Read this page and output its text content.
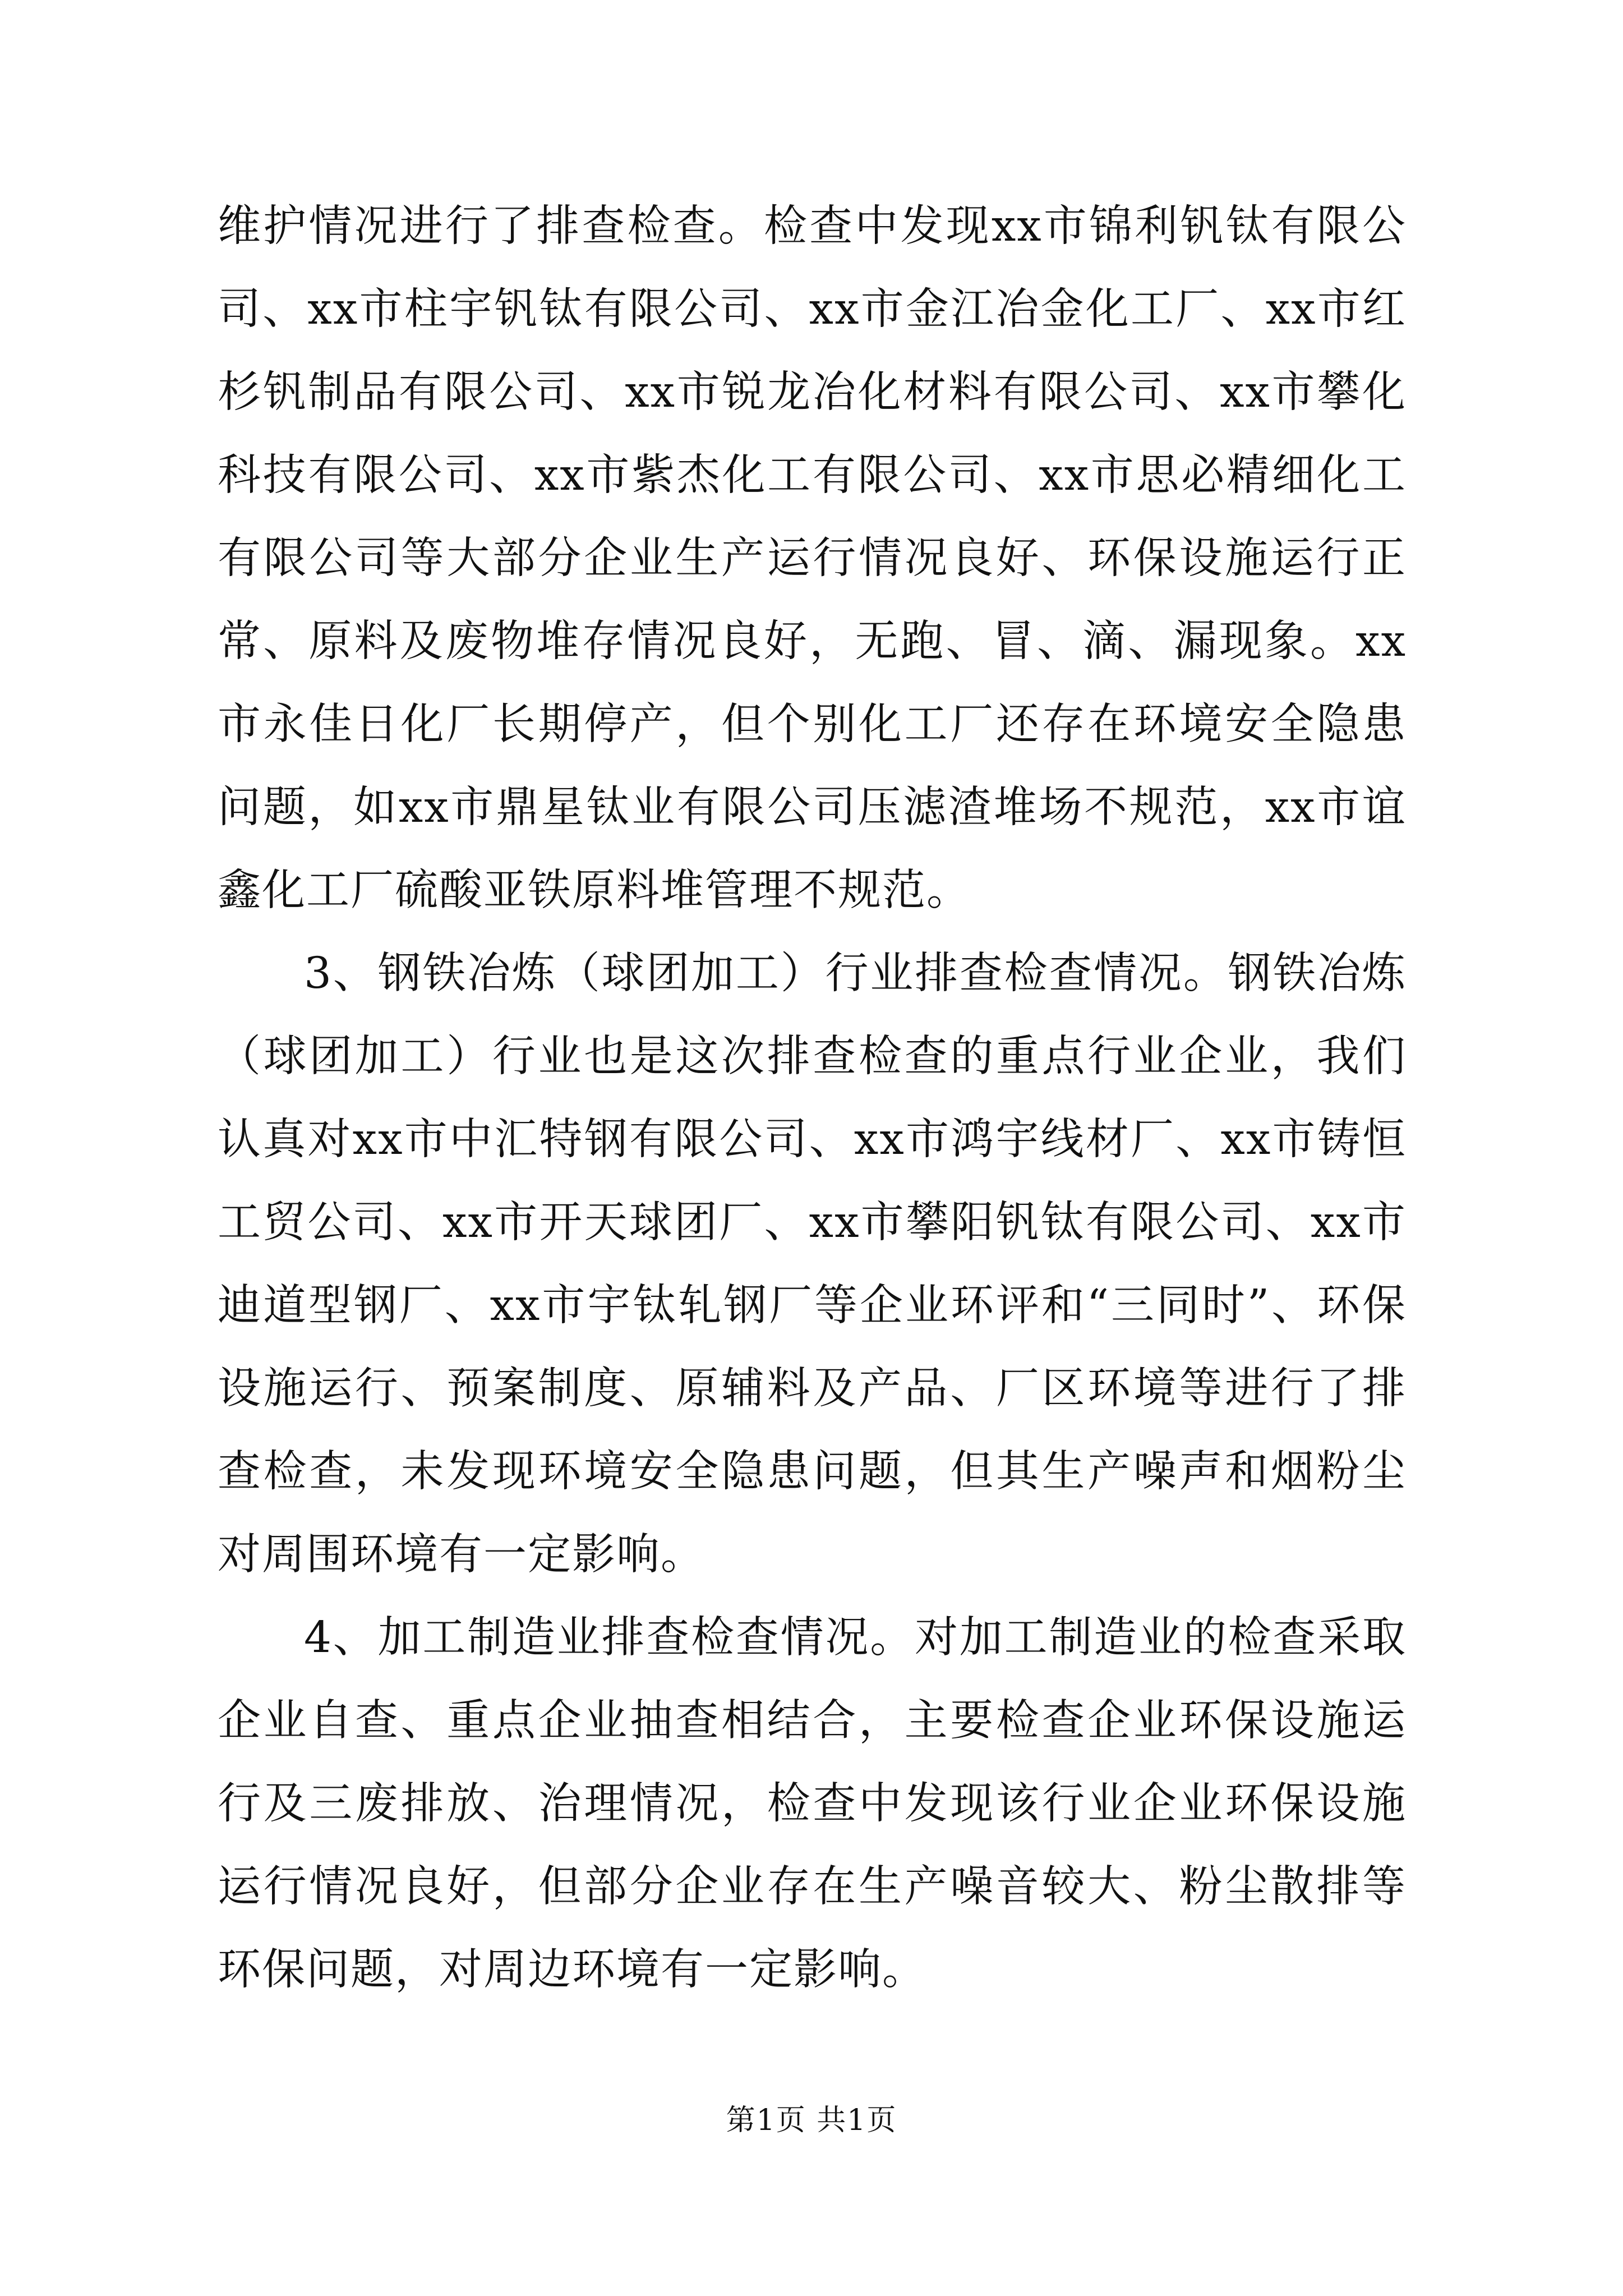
维护情况进行了排查检查。检查中发现xx市锦利钒钛有限公司、xx市柱宇钒钛有限公司、xx市金江冶金化工厂、xx市红杉钒制品有限公司、xx市锐龙冶化材料有限公司、xx市攀化科技有限公司、xx市紫杰化工有限公司、xx市思必精细化工有限公司等大部分企业生产运行情况良好、环保设施运行正常、原料及废物堆存情况良好，无跑、冒、滴、漏现象。xx市永佳日化厂长期停产，但个别化工厂还存在环境安全隐患问题，如xx市鼎星钛业有限公司压滤渣堆场不规范，xx市谊鑫化工厂硫酸亚铁原料堆管理不规范。

3、钢铁冶炼（球团加工）行业排查检查情况。钢铁冶炼（球团加工）行业也是这次排查检查的重点行业企业，我们认真对xx市中汇特钢有限公司、xx市鸿宇线材厂、xx市铸恒工贸公司、xx市开天球团厂、xx市攀阳钒钛有限公司、xx市迪道型钢厂、xx市宇钛轧钢厂等企业环评和“三同时”、环保设施运行、预案制度、原辅料及产品、厂区环境等进行了排查检查，未发现环境安全隐患问题，但其生产噪声和烟粉尘对周围环境有一定影响。

4、加工制造业排查检查情况。对加工制造业的检查采取企业自查、重点企业抽查相结合，主要检查企业环保设施运行及三废排放、治理情况，检查中发现该行业企业环保设施运行情况良好，但部分企业存在生产噪音较大、粉尘散排等环保问题，对周边环境有一定影响。

第1页 共1页
